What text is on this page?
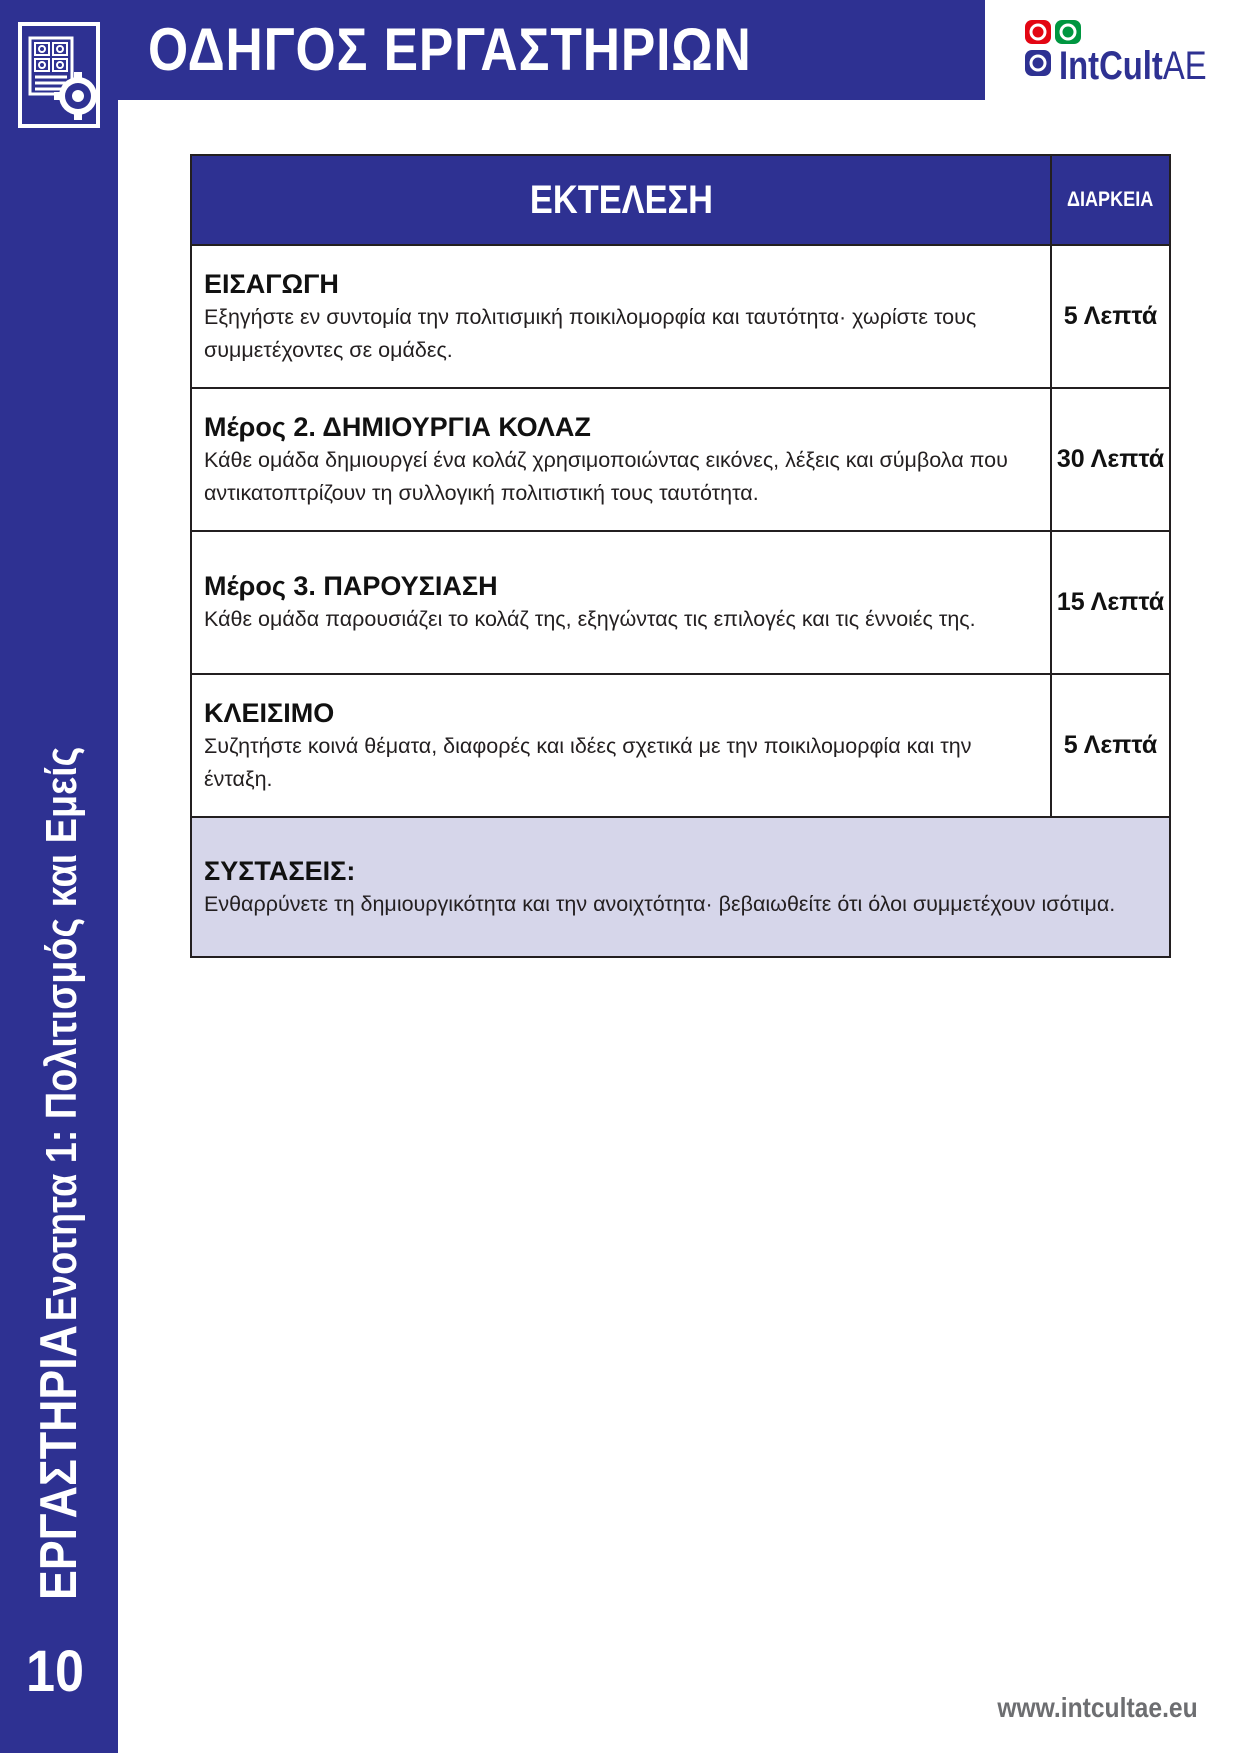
ΟΔΗΓΟΣ ΕΡΓΑΣΤΗΡΙΩΝ	IntCultAE
ΕΡΓΑΣΤΗΡΙΑ Ενοτητα 1: Πολιτισμός και Εμείς
10
ΕΚΤΕΛΕΣΗ	ΔΙΑΡΚΕΙΑ

ΕΙΣΑΓΩΓΗ
Εξηγήστε εν συντομία την πολιτισμική ποικιλομορφία και ταυτότητα· χωρίστε τους συμμετέχοντες σε ομάδες.	5 Λεπτά

Μέρος 2. ΔΗΜΙΟΥΡΓΙΑ ΚΟΛΑΖ
Κάθε ομάδα δημιουργεί ένα κολάζ χρησιμοποιώντας εικόνες, λέξεις και σύμβολα που αντικατοπτρίζουν τη συλλογική πολιτιστική τους ταυτότητα.	30 Λεπτά

Μέρος 3. ΠΑΡΟΥΣΙΑΣΗ
Κάθε ομάδα παρουσιάζει το κολάζ της, εξηγώντας τις επιλογές και τις έννοιές της.	15 Λεπτά

ΚΛΕΙΣΙΜΟ
Συζητήστε κοινά θέματα, διαφορές και ιδέες σχετικά με την ποικιλομορφία και την ένταξη.	5 Λεπτά

ΣΥΣΤΑΣΕΙΣ:
Ενθαρρύνετε τη δημιουργικότητα και την ανοιχτότητα· βεβαιωθείτε ότι όλοι συμμετέχουν ισότιμα.	
www.intcultae.eu
